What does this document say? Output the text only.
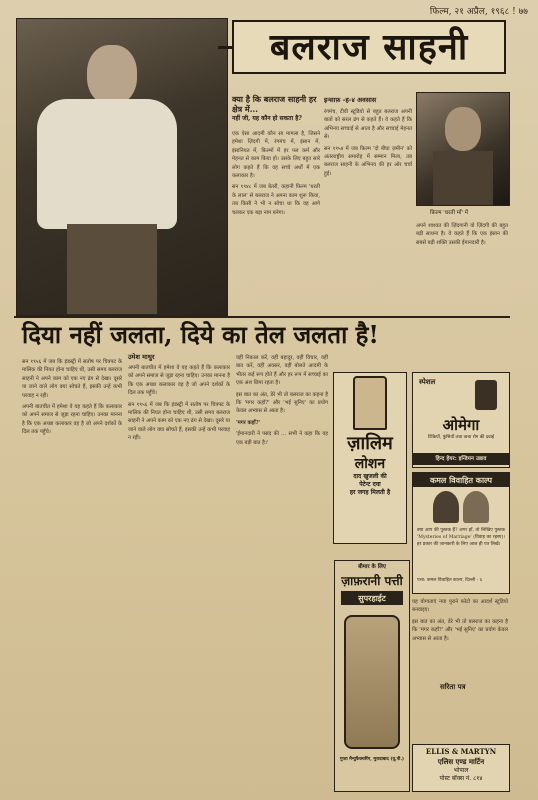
फिल्म, २१ अप्रैल, १९६८ ! ७७
बलराज साहनी
क्या है कि बलराज साहनी हर क्षेत्र में...
नहीं जी, यह कौन हो सकता है?

एक ऐसा आदमी कौन सा मामला है, जिसने हमेशा ज़िंदगी में, रंगमंच में, इंसान में, इंसानियत में, फ़िल्मों में हर पल कर्म और मेहनत से काम किया हो। उसके लिए बहुत सारे लोग कहते हैं कि वह सच्चे अर्थों में एक कलाकार है।

सन १९४८ में जब बेतरी, कहानी फ़िल्म 'धरती के लाल' से बलराज ने अपना काम शुरू किया, तब किसी ने भी न सोचा था कि वह आगे चलकर एक बड़ा नाम बनेगा।

इन्साफ़ -ह-४ अवसास

रंगमंच, टीवी स्टूडियो से बहुत बलराज अपनी बातों को सरल ढंग से कहते हैं। वे कहते हैं कि अभिनय सच्चाई से आता है और सच्चाई मेहनत से।

सन १९५४ में जब फ़िल्म 'दो बीघा ज़मीन' को अंतरराष्ट्रीय समारोह में सम्मान मिला, तब बलराज साहनी के अभिनय की हर ओर चर्चा हुई।

फ़िल्म 'धरती माँ' में
अपने शाश्वत की ज़िंदगानी वो ज़िंदगी की बहुत बड़ी साधना है। वे कहते हैं कि एक इंसान की सबसे बड़ी शक्ति उसकी ईमानदारी है।
दिया नहीं जलता, दिये का तेल जलता है!
उमेश माथुर

सन १९५६ में जब कि इंडस्ट्री में सतोष पर चित्रपट के मालिक की नियत होना चाहिए थी, उसी समय बलराज साहनी ने अपने काम को एक नए ढंग से देखा। दूसरे या जाने वाले लोग क्या सोचते हैं, इसकी उन्हें कभी परवाह न रही।

अपनी बातचीत में हमेशा वे यह कहते हैं कि कलाकार को अपने समाज से जुड़ा रहना चाहिए। उनका मानना है कि एक अच्छा कलाकार वह है जो अपने दर्शकों के दिल तक पहुँचे।

अपनी बातचीत में हमेशा वे यह कहते हैं कि कलाकार को अपने समाज से जुड़ा रहना चाहिए। उनका मानना है कि एक अच्छा कलाकार वह है जो अपने दर्शकों के दिल तक पहुँचे।

सन १९५६ में जब कि इंडस्ट्री में सतोष पर चित्रपट के मालिक की नियत होना चाहिए थी, उसी समय बलराज साहनी ने अपने काम को एक नए ढंग से देखा। दूसरे या जाने वाले लोग क्या सोचते हैं, इसकी उन्हें कभी परवाह न रही।

वहीं निकाल करें, वहीं बहादुर, वहीं विचार, वहीं बात करें, वहीं अवसर, वहीं बोलते आदमी के भीतर कई रूप होते हैं और हर रूप में सच्चाई का एक अंश छिपा रहता है।

इस बात का अंत, डेरे भी तो बलराज का कहना है कि 'मगर कहाँ?' और 'भई सुनिए' का प्रयोग केवल अभ्यास से आता है।

'मगर कहाँ?'

'ईमानदारी ने पसंद की ... सभी ने कहा कि यह एक बड़ी बात है।'	ज़ालिम
लोशन
दाद खुजली की
पेटेन्ट दवा
हर जगह मिलती है
स्पेशल
ओमेगा
टिकियों, फुंसियों तथा त्वचा रोग की दवाई
हिन्द हेयर: इन्डियन उन्नाव
कमल विवाहित काल्प
क्या आप की पुस्तक हैं? अगर हाँ, तो लिखिए पुस्तक 'Mysteries of Marriage' (विवाह का रहस्य)। हर प्रकार की जानकारी के लिए आज ही पत्र लिखें।
पत्ता: कमल विवाहित काल्प, दिल्ली - ६
बीमार के लिए
ज़ाफ़रानी पत्ती
सुपरहाईट
गुप्ता मैन्युफैक्चरिंग, मुरादाबाद (यू.पी.)

यह योग्यताएं नया पुराने फ़ोटो का आदर्श स्टूडियो बनवाइए।

इस बात का अंत, डेरे भी तो बलराज का कहना है कि 'मगर कहाँ?' और 'भई सुनिए' का प्रयोग केवल अभ्यास से आता है।

सरिता पत्र
ELLIS & MARTYN
एलिस एण्ड मार्टिन
भोपाल
पोस्ट बॉक्स नं. ८१४
